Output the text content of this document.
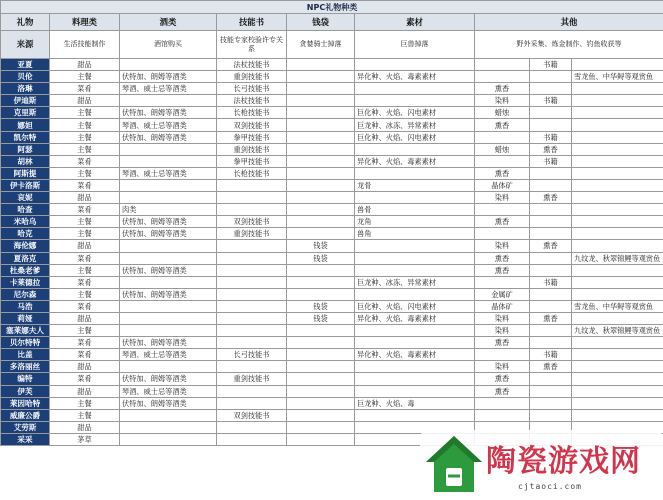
NPC礼物种类								
礼物	料理类	酒类	技能书	钱袋	素材	其他		
来源	生活技能制作	酒馆购买	技能专家校验许专关系	贪婪骑士掉落	巨兽掉落	野外采集、炼金制作、钓鱼收获等		
亚夏	甜品		法杖技能书				书籍	
贝伦	主餐	伏特加、朗姆等酒类	重剑技能书		异化种、火焰、毒素素材			雪龙鱼、中华鲟等观赏鱼
洛琳	菜肴	琴酒、威士忌等酒类	长弓技能书			熏香		
伊迪斯	甜品		法杖技能书			染料	书籍	
克里斯	主餐	伏特加、朗姆等酒类	长枪技能书		巨化种、火焰、闪电素材	蜡烛		
娜妲	主餐	琴酒、威士忌等酒类	双剑技能书		巨龙种、冰冻、异常素材	熏香		
凯尔特	主餐	伏特加、朗姆等酒类	拳甲技能书		巨化种、火焰、闪电素材		书籍	
阿瑟	主餐		重剑技能书			蜡烛	熏香	
胡林	菜肴		拳甲技能书		异化种、火焰、毒素素材		书籍	
阿斯提	主餐	琴酒、威士忌等酒类	长枪技能书			熏香		
伊卡洛斯	菜肴				龙骨	晶体矿		
哀妮	甜品					染料	熏香	
哈查	菜肴	肉类			兽骨			
米哈乌	主餐	伏特加、朗姆等酒类	双剑技能书		龙角	熏香		
哈克	主餐	伏特加、朗姆等酒类	重剑技能书		兽角			
海伦娜	甜品			钱袋		染料	熏香	
夏洛克	菜肴			钱袋		熏香		九纹龙、秋翠锦鲤等观赏鱼
杜桑老爹	主餐	伏特加、朗姆等酒类				熏香		
卡莱德拉	菜肴				巨龙种、冰冻、异常素材		书籍	
尼尔森	主餐	伏特加、朗姆等酒类				金属矿		
马浩	菜肴			钱袋	巨化种、火焰、闪电素材	晶体矿		雪龙鱼、中华鲟等观赏鱼
莉娅	甜品			钱袋	异化种、火焰、毒素素材	染料	熏香	
塞莱娜夫人	主餐					染料		九纹龙、秋翠锦鲤等观赏鱼
贝尔特特	菜肴	伏特加、朗姆等酒类				熏香		
比盖	菜肴	琴酒、威士忌等酒类	长弓技能书		异化种、火焰、毒素素材		书籍	
多洛丽丝	甜品					染料	熏香	
编特	菜肴	伏特加、朗姆等酒类	重剑技能书			熏香		
伊芙	甜品	琴酒、威士忌等酒类				熏香		
莱因哈特	主餐	伏特加、朗姆等酒类			巨龙种、火焰、毒			
威廉公爵	主餐		双剑技能书					
艾劳斯	甜品							
采采	茅草							
陶瓷游戏网
cjtaoci.com
